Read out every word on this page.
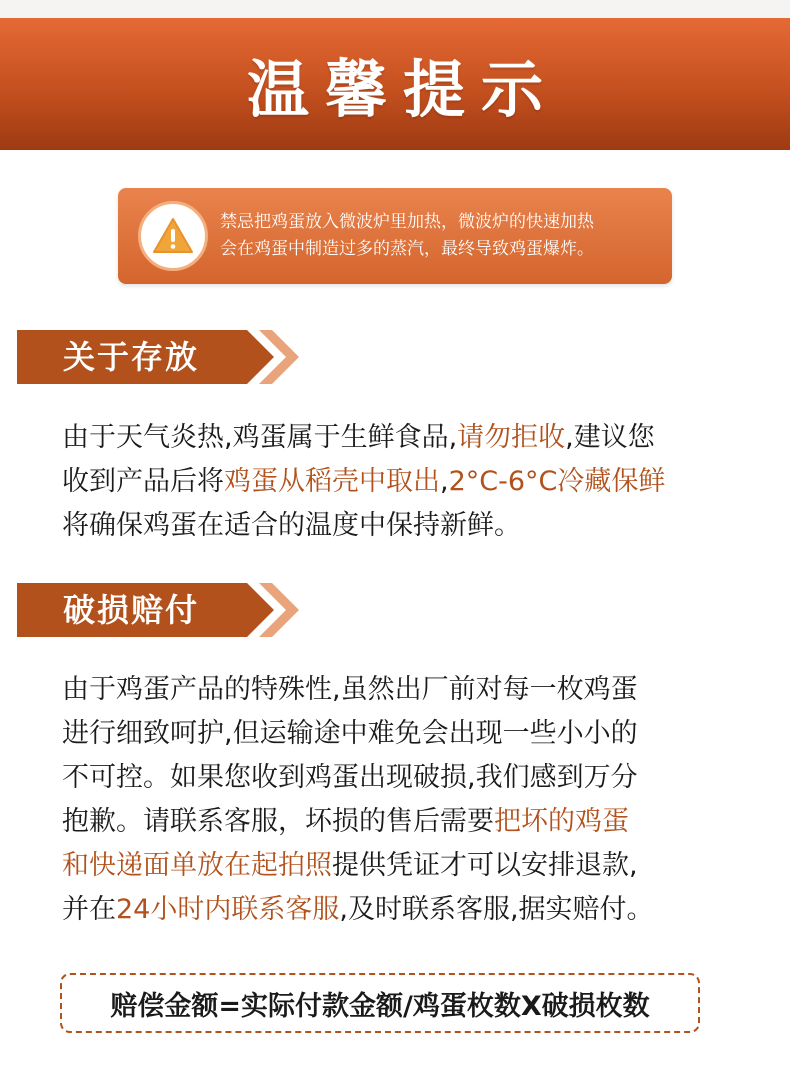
温馨提示
禁忌把鸡蛋放入微波炉里加热，微波炉的快速加热
会在鸡蛋中制造过多的蒸汽，最终导致鸡蛋爆炸。
关于存放
由于天气炎热,鸡蛋属于生鲜食品,请勿拒收,建议您
收到产品后将鸡蛋从稻壳中取出,2°C-6°C冷藏保鲜
将确保鸡蛋在适合的温度中保持新鲜。
破损赔付
由于鸡蛋产品的特殊性,虽然出厂前对每一枚鸡蛋
进行细致呵护,但运输途中难免会出现一些小小的
不可控。如果您收到鸡蛋出现破损,我们感到万分
抱歉。请联系客服，坏损的售后需要把坏的鸡蛋
和快递面单放在起拍照提供凭证才可以安排退款,
并在24小时内联系客服,及时联系客服,据实赔付。
赔偿金额=实际付款金额/鸡蛋枚数X破损枚数
